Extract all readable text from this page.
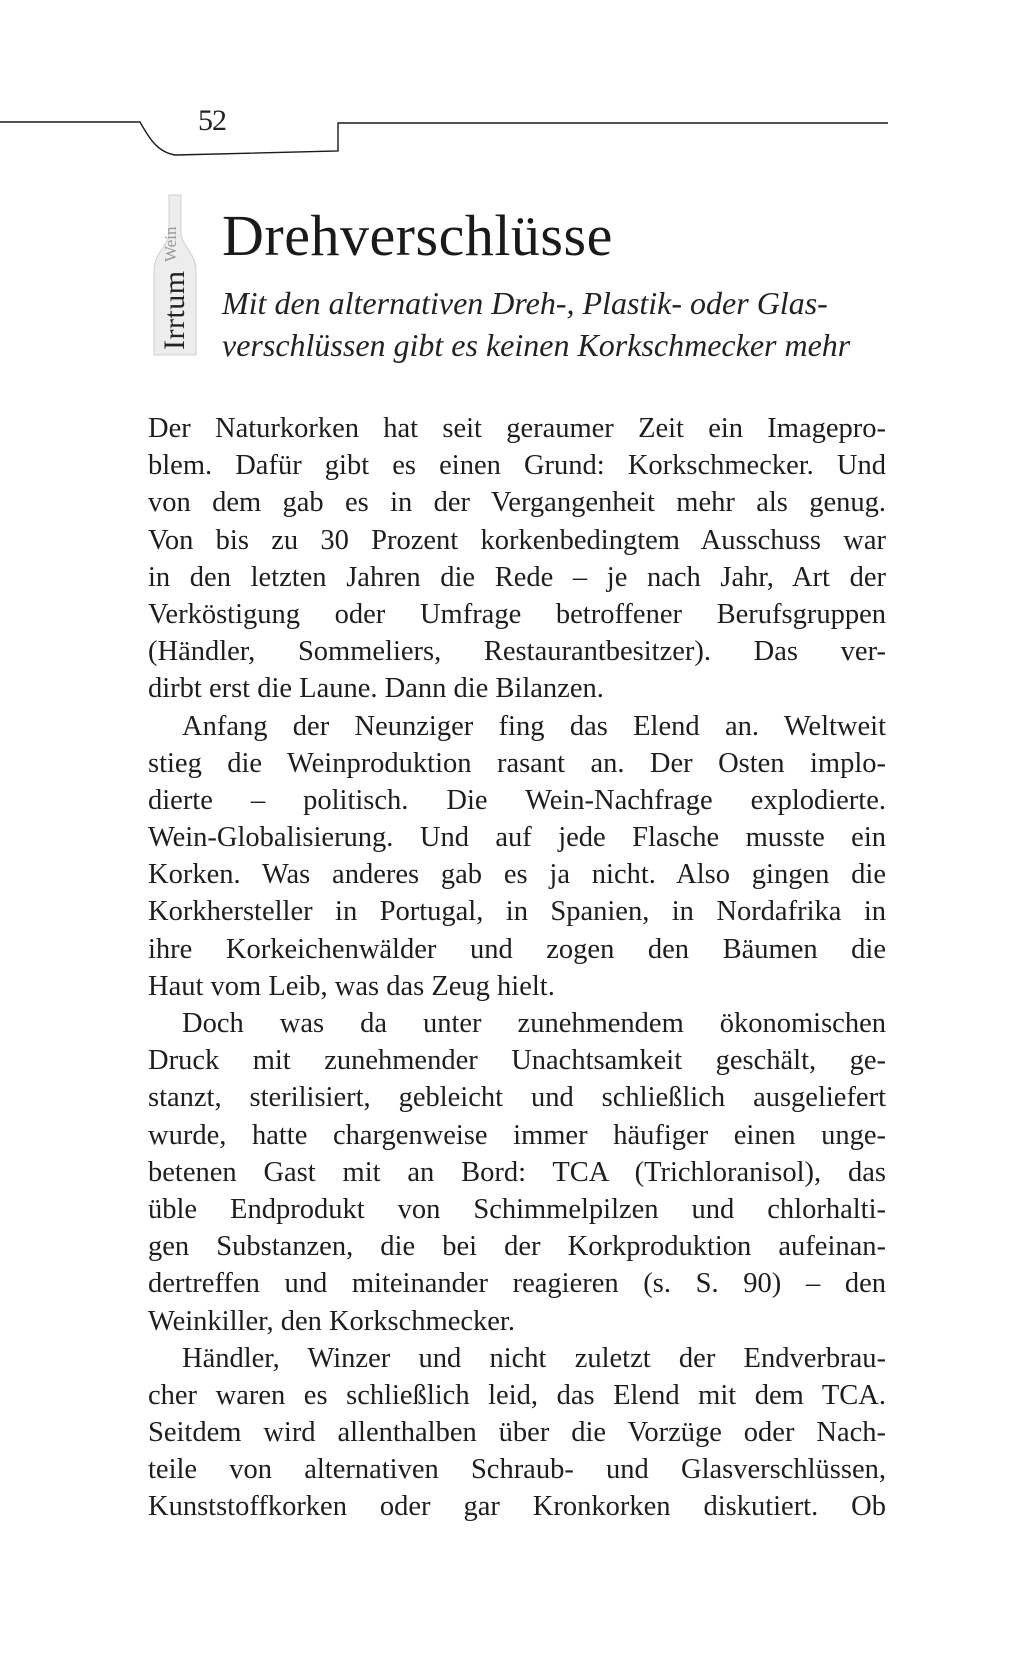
52
Wein
Irrtum
Drehverschlüsse
Mit den alternativen Dreh-, Plastik- oder Glas-
verschlüssen gibt es keinen Korkschmecker mehr
Der Naturkorken hat seit geraumer Zeit ein Imagepro-
blem. Dafür gibt es einen Grund: Korkschmecker. Und
von dem gab es in der Vergangenheit mehr als genug.
Von bis zu 30 Prozent korkenbedingtem Ausschuss war
in den letzten Jahren die Rede – je nach Jahr, Art der
Verköstigung oder Umfrage betroffener Berufsgruppen
(Händler, Sommeliers, Restaurantbesitzer). Das ver-
dirbt erst die Laune. Dann die Bilanzen.
Anfang der Neunziger fing das Elend an. Weltweit
stieg die Weinproduktion rasant an. Der Osten implo-
dierte – politisch. Die Wein-Nachfrage explodierte.
Wein-Globalisierung. Und auf jede Flasche musste ein
Korken. Was anderes gab es ja nicht. Also gingen die
Korkhersteller in Portugal, in Spanien, in Nordafrika in
ihre Korkeichenwälder und zogen den Bäumen die
Haut vom Leib, was das Zeug hielt.
Doch was da unter zunehmendem ökonomischen
Druck mit zunehmender Unachtsamkeit geschält, ge-
stanzt, sterilisiert, gebleicht und schließlich ausgeliefert
wurde, hatte chargenweise immer häufiger einen unge-
betenen Gast mit an Bord: TCA (Trichloranisol), das
üble Endprodukt von Schimmelpilzen und chlorhalti-
gen Substanzen, die bei der Korkproduktion aufeinan-
dertreffen und miteinander reagieren (s. S. 90) – den
Weinkiller, den Korkschmecker.
Händler, Winzer und nicht zuletzt der Endverbrau-
cher waren es schließlich leid, das Elend mit dem TCA.
Seitdem wird allenthalben über die Vorzüge oder Nach-
teile von alternativen Schraub- und Glasverschlüssen,
Kunststoffkorken oder gar Kronkorken diskutiert. Ob
